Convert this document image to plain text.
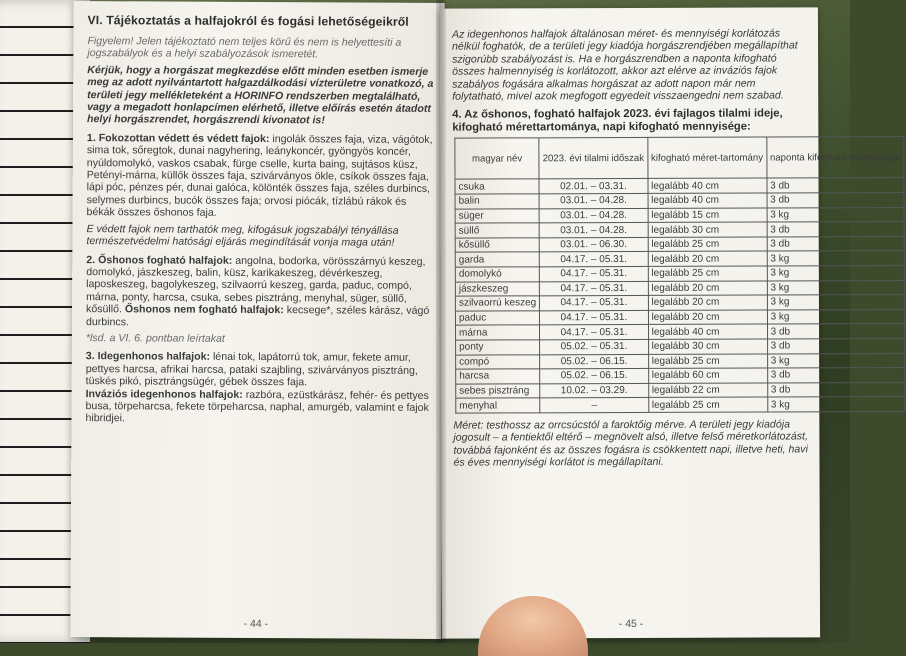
VI. Tájékoztatás a halfajokról és fogási lehetőségeikről

Figyelem! Jelen tájékoztató nem teljes körű és nem is helyettesíti a jogszabályok és a helyi szabályozások ismeretét.

Kérjük, hogy a horgászat megkezdése előtt minden esetben ismerje meg az adott nyilvántartott halgazdálkodási vízterületre vonatkozó, a területi jegy mellékleteként a HORINFO rendszerben megtalálható, vagy a megadott honlapcímen elérhető, illetve előírás esetén átadott helyi horgászrendet, horgászrendi kivonatot is!

1. Fokozottan védett és védett fajok: ingolák összes faja, viza, vágótok, sima tok, sőregtok, dunai nagyhering, leánykoncér, gyöngyös koncér, nyúldomolykó, vaskos csabak, fürge cselle, kurta baing, sujtásos küsz, Petényi-márna, küllők összes faja, szivárványos ökle, csíkok összes faja, lápi póc, pénzes pér, dunai galóca, kölönték összes faja, széles durbincs, selymes durbincs, bucók összes faja; orvosi piócák, tízlábú rákok és békák összes őshonos faja.

E védett fajok nem tarthatók meg, kifogásuk jogszabályi tényállása természetvédelmi hatósági eljárás megindítását vonja maga után!

2. Őshonos fogható halfajok: angolna, bodorka, vörösszárnyú keszeg, domolykó, jászkeszeg, balin, küsz, karikakeszeg, dévérkeszeg, laposkeszeg, bagolykeszeg, szilvaorrú keszeg, garda, paduc, compó, márna, ponty, harcsa, csuka, sebes pisztráng, menyhal, süger, süllő, kősüllő. Őshonos nem fogható halfajok: kecsege*, széles kárász, vágó durbincs.

*lsd. a VI. 6. pontban leírtakat

3. Idegenhonos halfajok: lénai tok, lapátorrú tok, amur, fekete amur, pettyes harcsa, afrikai harcsa, pataki szajbling, szivárványos pisztráng, tüskés pikó, pisztrángsügér, gébek összes faja.
Inváziós idegenhonos halfajok: razbóra, ezüstkárász, fehér- és pettyes busa, törpeharcsa, fekete törpeharcsa, naphal, amurgéb, valamint e fajok hibridjei.

- 44 -

Az idegenhonos halfajok általánosan méret- és mennyiségi korlátozás nélkül foghatók, de a területi jegy kiadója horgászrendjében megállapíthat szigorúbb szabályozást is. Ha e horgászrendben a naponta kifogható összes halmennyiség is korlátozott, akkor azt elérve az inváziós fajok szabályos fogására alkalmas horgászat az adott napon már nem folytatható, mivel azok megfogott egyedeit visszaengedni nem szabad.

4. Az őshonos, fogható halfajok 2023. évi fajlagos tilalmi ideje, kifogható mérettartománya, napi kifogható mennyisége:
magyar név	2023. évi tilalmi időszak	kifogható méret-tartomány	naponta kifogható mennyisége
csuka	02.01. – 03.31.	legalább 40 cm	3 db
balin	03.01. – 04.28.	legalább 40 cm	3 db
süger	03.01. – 04.28.	legalább 15 cm	3 kg
süllő	03.01. – 04.28.	legalább 30 cm	3 db
kősüllő	03.01. – 06.30.	legalább 25 cm	3 db
garda	04.17. – 05.31.	legalább 20 cm	3 kg
domolykó	04.17. – 05.31.	legalább 25 cm	3 kg
jászkeszeg	04.17. – 05.31.	legalább 20 cm	3 kg
szilvaorrú keszeg	04.17. – 05.31.	legalább 20 cm	3 kg
paduc	04.17. – 05.31.	legalább 20 cm	3 kg
márna	04.17. – 05.31.	legalább 40 cm	3 db
ponty	05.02. – 05.31.	legalább 30 cm	3 db
compó	05.02. – 06.15.	legalább 25 cm	3 kg
harcsa	05.02. – 06.15.	legalább 60 cm	3 db
sebes pisztráng	10.02. – 03.29.	legalább 22 cm	3 db
menyhal	–	legalább 25 cm	3 kg

Méret: testhossz az orrcsúcstól a faroktőig mérve. A területi jegy kiadója jogosult – a fentiektől eltérő – megnövelt alsó, illetve felső méretkorlátozást, továbbá fajonként és az összes fogásra is csökkentett napi, illetve heti, havi és éves mennyiségi korlátot is megállapítani.

- 45 -
